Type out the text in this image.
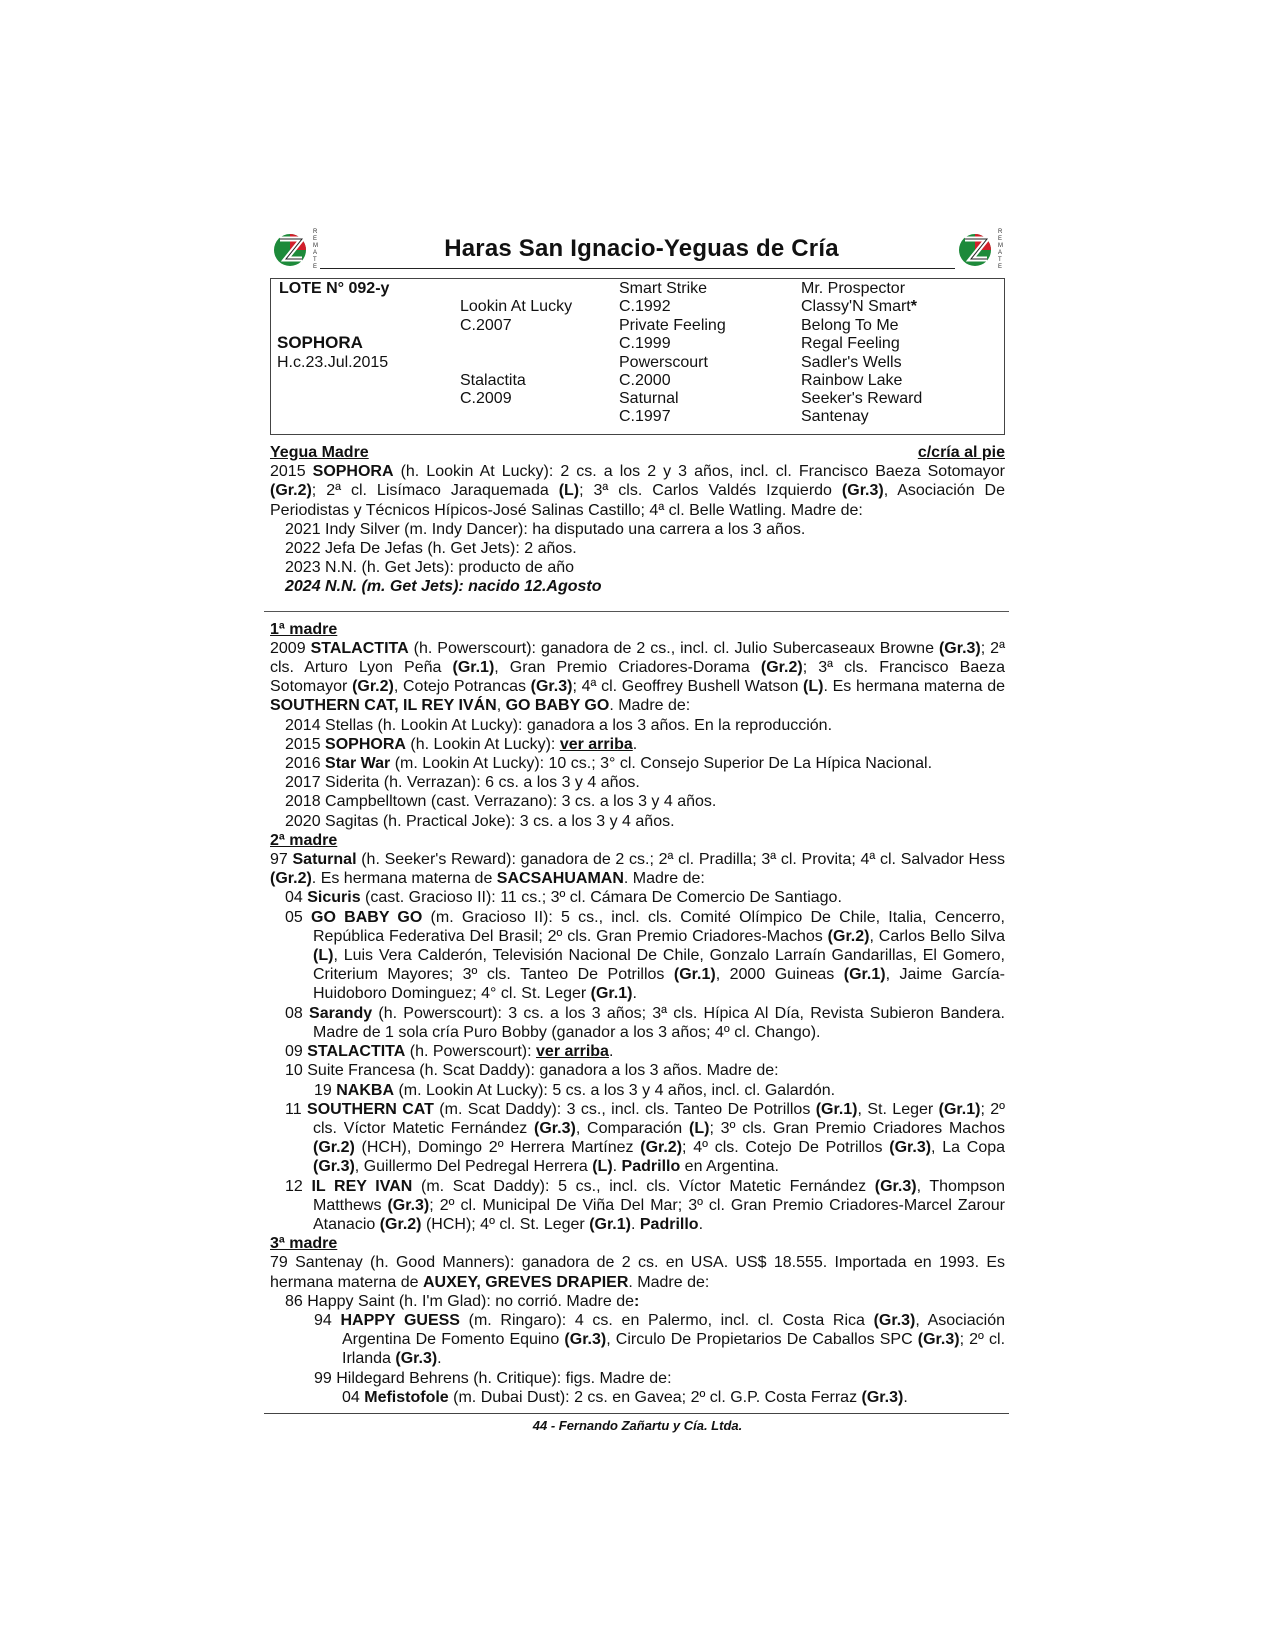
R
E
M
A
T
E
Haras San Ignacio-Yeguas de Cría
R
E
M
A
T
E
LOTE N° 092-y
SOPHORA
H.c.23.Jul.2015
Lookin At Lucky
C.2007
Stalactita
C.2009
Smart Strike
C.1992
Private Feeling
C.1999
Powerscourt
C.2000
Saturnal
C.1997
Mr. Prospector
Classy'N Smart*
Belong To Me
Regal Feeling
Sadler's Wells
Rainbow Lake
Seeker's Reward
Santenay
Yegua Madre	c/cría al pie
2015 SOPHORA (h. Lookin At Lucky): 2 cs. a los 2 y 3 años, incl. cl. Francisco Baeza Sotomayor (Gr.2); 2ª cl. Lisímaco Jaraquemada (L); 3ª cls. Carlos Valdés Izquierdo (Gr.3), Asociación De Periodistas y Técnicos Hípicos-José Salinas Castillo; 4ª cl. Belle Watling. Madre de:
2021 Indy Silver (m. Indy Dancer): ha disputado una carrera a los 3 años.
2022 Jefa De Jefas (h. Get Jets): 2 años.
2023 N.N. (h. Get Jets): producto de año
2024 N.N. (m. Get Jets): nacido 12.Agosto
1ª madre
2009 STALACTITA (h. Powerscourt): ganadora de 2 cs., incl. cl. Julio Subercaseaux Browne (Gr.3); 2ª cls. Arturo Lyon Peña (Gr.1), Gran Premio Criadores-Dorama (Gr.2); 3ª cls. Francisco Baeza Sotomayor (Gr.2), Cotejo Potrancas (Gr.3); 4ª cl. Geoffrey Bushell Watson (L). Es hermana materna de SOUTHERN CAT, IL REY IVÁN, GO BABY GO. Madre de:
2014 Stellas (h. Lookin At Lucky): ganadora a los 3 años. En la reproducción.
2015 SOPHORA (h. Lookin At Lucky): ver arriba.
2016 Star War (m. Lookin At Lucky): 10 cs.; 3° cl. Consejo Superior De La Hípica Nacional.
2017 Siderita (h. Verrazan): 6 cs. a los 3 y 4 años.
2018 Campbelltown (cast. Verrazano): 3 cs. a los 3 y 4 años.
2020 Sagitas (h. Practical Joke): 3 cs. a los 3 y 4 años.
2ª madre
97 Saturnal (h. Seeker's Reward): ganadora de 2 cs.; 2ª cl. Pradilla; 3ª cl. Provita; 4ª cl. Salvador Hess (Gr.2). Es hermana materna de SACSAHUAMAN. Madre de:
04 Sicuris (cast. Gracioso II): 11 cs.; 3º cl. Cámara De Comercio De Santiago.
05 GO BABY GO (m. Gracioso II): 5 cs., incl. cls. Comité Olímpico De Chile, Italia, Cencerro, República Federativa Del Brasil; 2º cls. Gran Premio Criadores-Machos (Gr.2), Carlos Bello Silva (L), Luis Vera Calderón, Televisión Nacional De Chile, Gonzalo Larraín Gandarillas, El Gomero, Criterium Mayores; 3º cls. Tanteo De Potrillos (Gr.1), 2000 Guineas (Gr.1), Jaime García-Huidoboro Dominguez; 4° cl. St. Leger (Gr.1).
08 Sarandy (h. Powerscourt): 3 cs. a los 3 años; 3ª cls. Hípica Al Día, Revista Subieron Bandera. Madre de 1 sola cría Puro Bobby (ganador a los 3 años; 4º cl. Chango).
09 STALACTITA (h. Powerscourt): ver arriba.
10 Suite Francesa (h. Scat Daddy): ganadora a los 3 años. Madre de:
19 NAKBA (m. Lookin At Lucky): 5 cs. a los 3 y 4 años, incl. cl. Galardón.
11 SOUTHERN CAT (m. Scat Daddy): 3 cs., incl. cls. Tanteo De Potrillos (Gr.1), St. Leger (Gr.1); 2º cls. Víctor Matetic Fernández (Gr.3), Comparación (L); 3º cls. Gran Premio Criadores Machos (Gr.2) (HCH), Domingo 2º Herrera Martínez (Gr.2); 4º cls. Cotejo De Potrillos (Gr.3), La Copa (Gr.3), Guillermo Del Pedregal Herrera (L). Padrillo en Argentina.
12 IL REY IVAN (m. Scat Daddy): 5 cs., incl. cls. Víctor Matetic Fernández (Gr.3), Thompson Matthews (Gr.3); 2º cl. Municipal De Viña Del Mar; 3º cl. Gran Premio Criadores-Marcel Zarour Atanacio (Gr.2) (HCH); 4º cl. St. Leger (Gr.1). Padrillo.
3ª madre
79 Santenay (h. Good Manners): ganadora de 2 cs. en USA. US$ 18.555. Importada en 1993. Es hermana materna de AUXEY, GREVES DRAPIER. Madre de:
86 Happy Saint (h. I'm Glad): no corrió. Madre de:
94 HAPPY GUESS (m. Ringaro): 4 cs. en Palermo, incl. cl. Costa Rica (Gr.3), Asociación Argentina De Fomento Equino (Gr.3), Circulo De Propietarios De Caballos SPC (Gr.3); 2º cl. Irlanda (Gr.3).
99 Hildegard Behrens (h. Critique): figs. Madre de:
04 Mefistofole (m. Dubai Dust): 2 cs. en Gavea; 2º cl. G.P. Costa Ferraz (Gr.3).
44 - Fernando Zañartu y Cía. Ltda.
